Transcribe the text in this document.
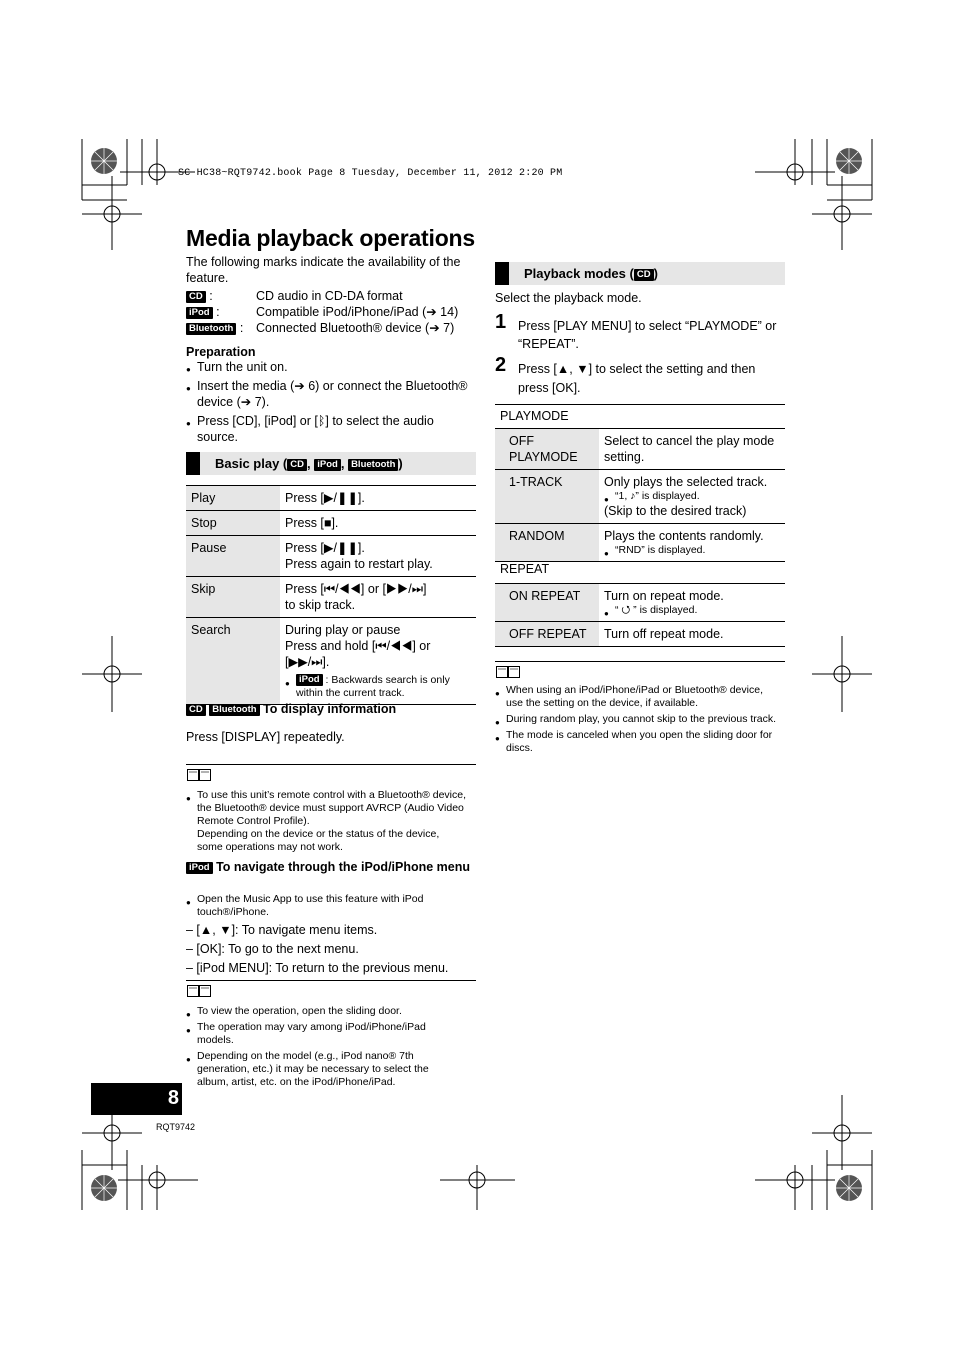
SC-HC38~RQT9742.book Page 8 Tuesday, December 11, 2012 2:20 PM
Media playback operations
The following marks indicate the availability of the feature.
CD :	CD audio in CD-DA format
iPod :	Compatible iPod/iPhone/iPad (➔ 14)
Bluetooth : Connected Bluetooth® device (➔ 7)
Preparation
● Turn the unit on.
● Insert the media (➔ 6) or connect the Bluetooth® device (➔ 7).
● Press [CD], [iPod] or [ᛒ] to select the audio source.
Basic play ( CD , iPod , Bluetooth )
Play	Press [▶/❚❚].
Stop	Press [■].
Pause	Press [▶/❚❚].
Press again to restart play.

Skip	Press [⏮/◀◀] or [▶▶/⏭]
to skip track.

Search	During play or pause
Press and hold [⏮/◀◀] or
[▶▶/⏭].
● iPod : Backwards search is only within the current track.
CD Bluetooth To display information
Press [DISPLAY] repeatedly.
● To use this unit’s remote control with a Bluetooth® device, the Bluetooth® device must support AVRCP (Audio Video Remote Control Profile).
Depending on the device or the status of the device, some operations may not work.
iPod To navigate through the iPod/iPhone menu
● Open the Music App to use this feature with iPod touch®/iPhone.
– [▲, ▼]: To navigate menu items.
– [OK]: To go to the next menu.
– [iPod MENU]: To return to the previous menu.
● To view the operation, open the sliding door.
● The operation may vary among iPod/iPhone/iPad models.
● Depending on the model (e.g., iPod nano® 7th generation, etc.) it may be necessary to select the album, artist, etc. on the iPod/iPhone/iPad.
8
RQT9742
Playback modes ( CD )
Select the playback mode.
1 Press [PLAY MENU] to select “PLAYMODE” or “REPEAT”.
2 Press [▲, ▼] to select the setting and then press [OK].
PLAYMODE
OFF PLAYMODE	Select to cancel the play mode setting.
1-TRACK	Only plays the selected track.
● “1, ♪” is displayed.
(Skip to the desired track)

RANDOM	Plays the contents randomly.
● “RND” is displayed.
REPEAT
ON REPEAT	Turn on repeat mode.
● “ ⭯ ” is displayed.

OFF REPEAT	Turn off repeat mode.
● When using an iPod/iPhone/iPad or Bluetooth® device, use the setting on the device, if available.
● During random play, you cannot skip to the previous track.
● The mode is canceled when you open the sliding door for discs.
